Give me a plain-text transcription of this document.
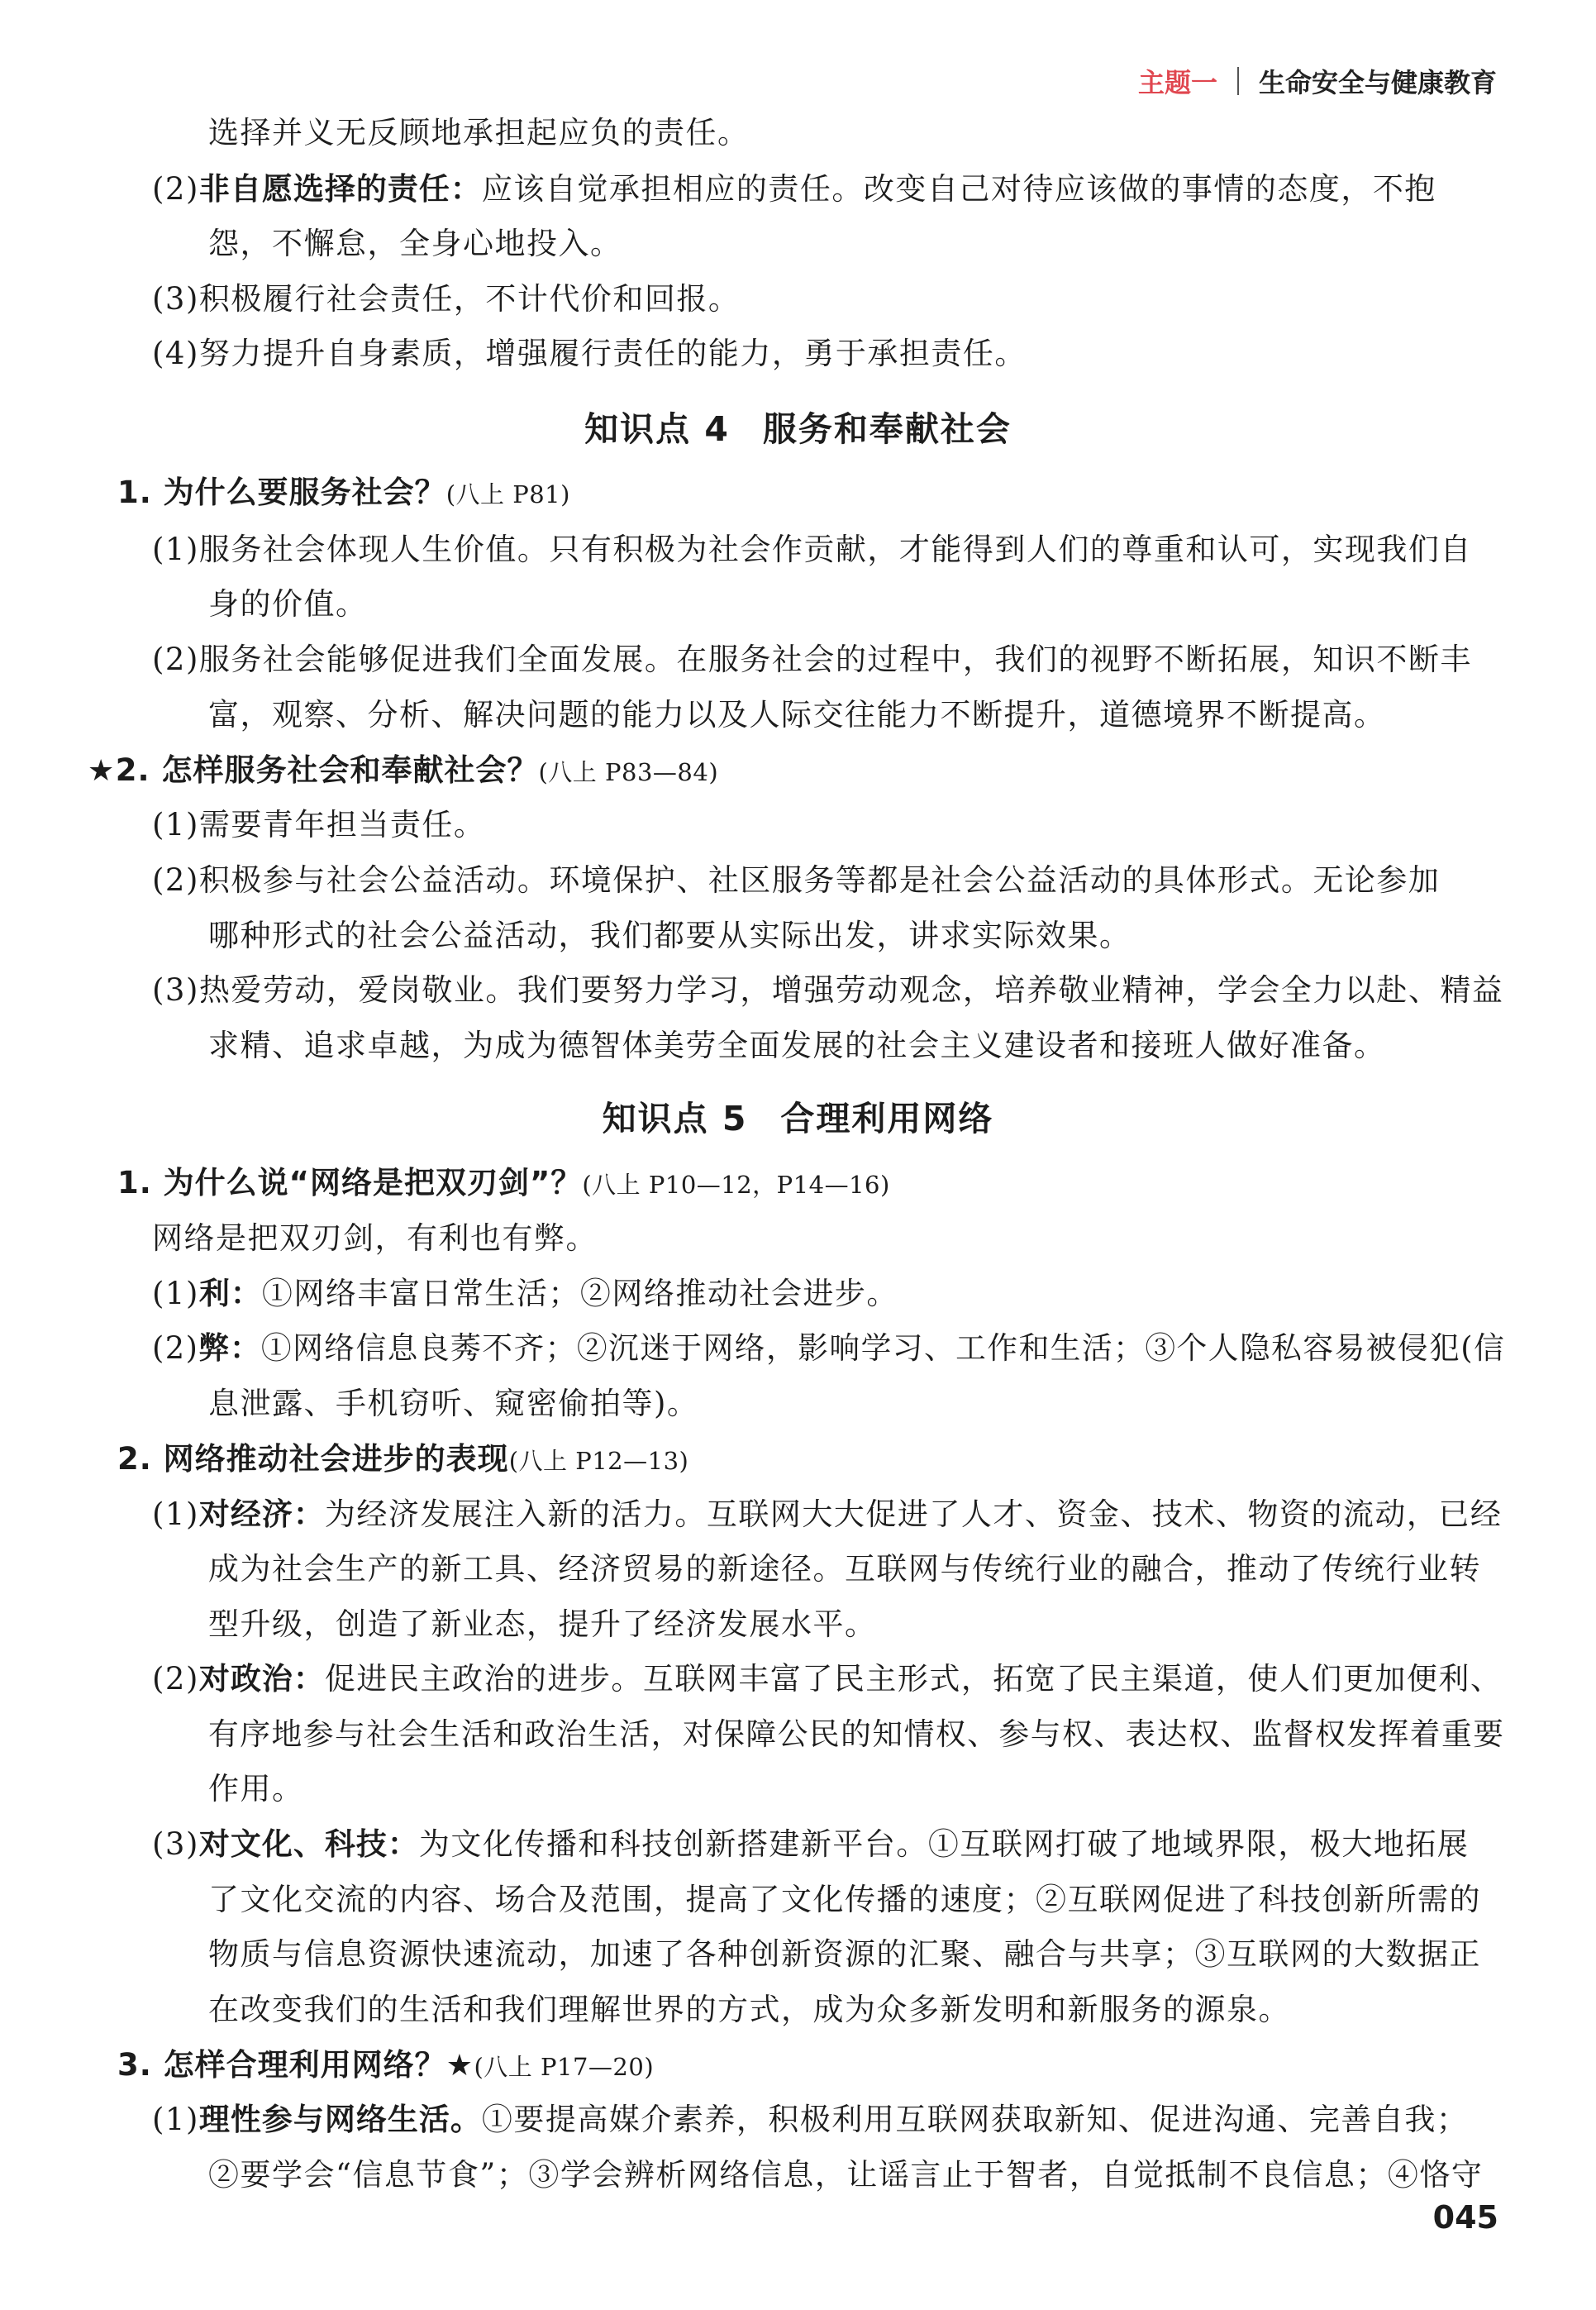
主题一 生命安全与健康教育
选择并义无反顾地承担起应负的责任。
(2)非自愿选择的责任：应该自觉承担相应的责任。改变自己对待应该做的事情的态度，不抱
怨，不懈怠，全身心地投入。
(3)积极履行社会责任，不计代价和回报。
(4)努力提升自身素质，增强履行责任的能力，勇于承担责任。
知识点 4 服务和奉献社会
1. 为什么要服务社会？(八上 P81)
(1)服务社会体现人生价值。只有积极为社会作贡献，才能得到人们的尊重和认可，实现我们自
身的价值。
(2)服务社会能够促进我们全面发展。在服务社会的过程中，我们的视野不断拓展，知识不断丰
富，观察、分析、解决问题的能力以及人际交往能力不断提升，道德境界不断提高。
★2. 怎样服务社会和奉献社会？(八上 P83—84)
(1)需要青年担当责任。
(2)积极参与社会公益活动。环境保护、社区服务等都是社会公益活动的具体形式。无论参加
哪种形式的社会公益活动，我们都要从实际出发，讲求实际效果。
(3)热爱劳动，爱岗敬业。我们要努力学习，增强劳动观念，培养敬业精神，学会全力以赴、精益
求精、追求卓越，为成为德智体美劳全面发展的社会主义建设者和接班人做好准备。
知识点 5 合理利用网络
1. 为什么说“网络是把双刃剑”？(八上 P10—12，P14—16)
网络是把双刃剑，有利也有弊。
(1)利：①网络丰富日常生活；②网络推动社会进步。
(2)弊：①网络信息良莠不齐；②沉迷于网络，影响学习、工作和生活；③个人隐私容易被侵犯(信
息泄露、手机窃听、窥密偷拍等)。
2. 网络推动社会进步的表现(八上 P12—13)
(1)对经济：为经济发展注入新的活力。互联网大大促进了人才、资金、技术、物资的流动，已经
成为社会生产的新工具、经济贸易的新途径。互联网与传统行业的融合，推动了传统行业转
型升级，创造了新业态，提升了经济发展水平。
(2)对政治：促进民主政治的进步。互联网丰富了民主形式，拓宽了民主渠道，使人们更加便利、
有序地参与社会生活和政治生活，对保障公民的知情权、参与权、表达权、监督权发挥着重要
作用。
(3)对文化、科技：为文化传播和科技创新搭建新平台。①互联网打破了地域界限，极大地拓展
了文化交流的内容、场合及范围，提高了文化传播的速度；②互联网促进了科技创新所需的
物质与信息资源快速流动，加速了各种创新资源的汇聚、融合与共享；③互联网的大数据正
在改变我们的生活和我们理解世界的方式，成为众多新发明和新服务的源泉。
3. 怎样合理利用网络？★(八上 P17—20)
(1)理性参与网络生活。①要提高媒介素养，积极利用互联网获取新知、促进沟通、完善自我；
②要学会“信息节食”；③学会辨析网络信息，让谣言止于智者，自觉抵制不良信息；④恪守
045
